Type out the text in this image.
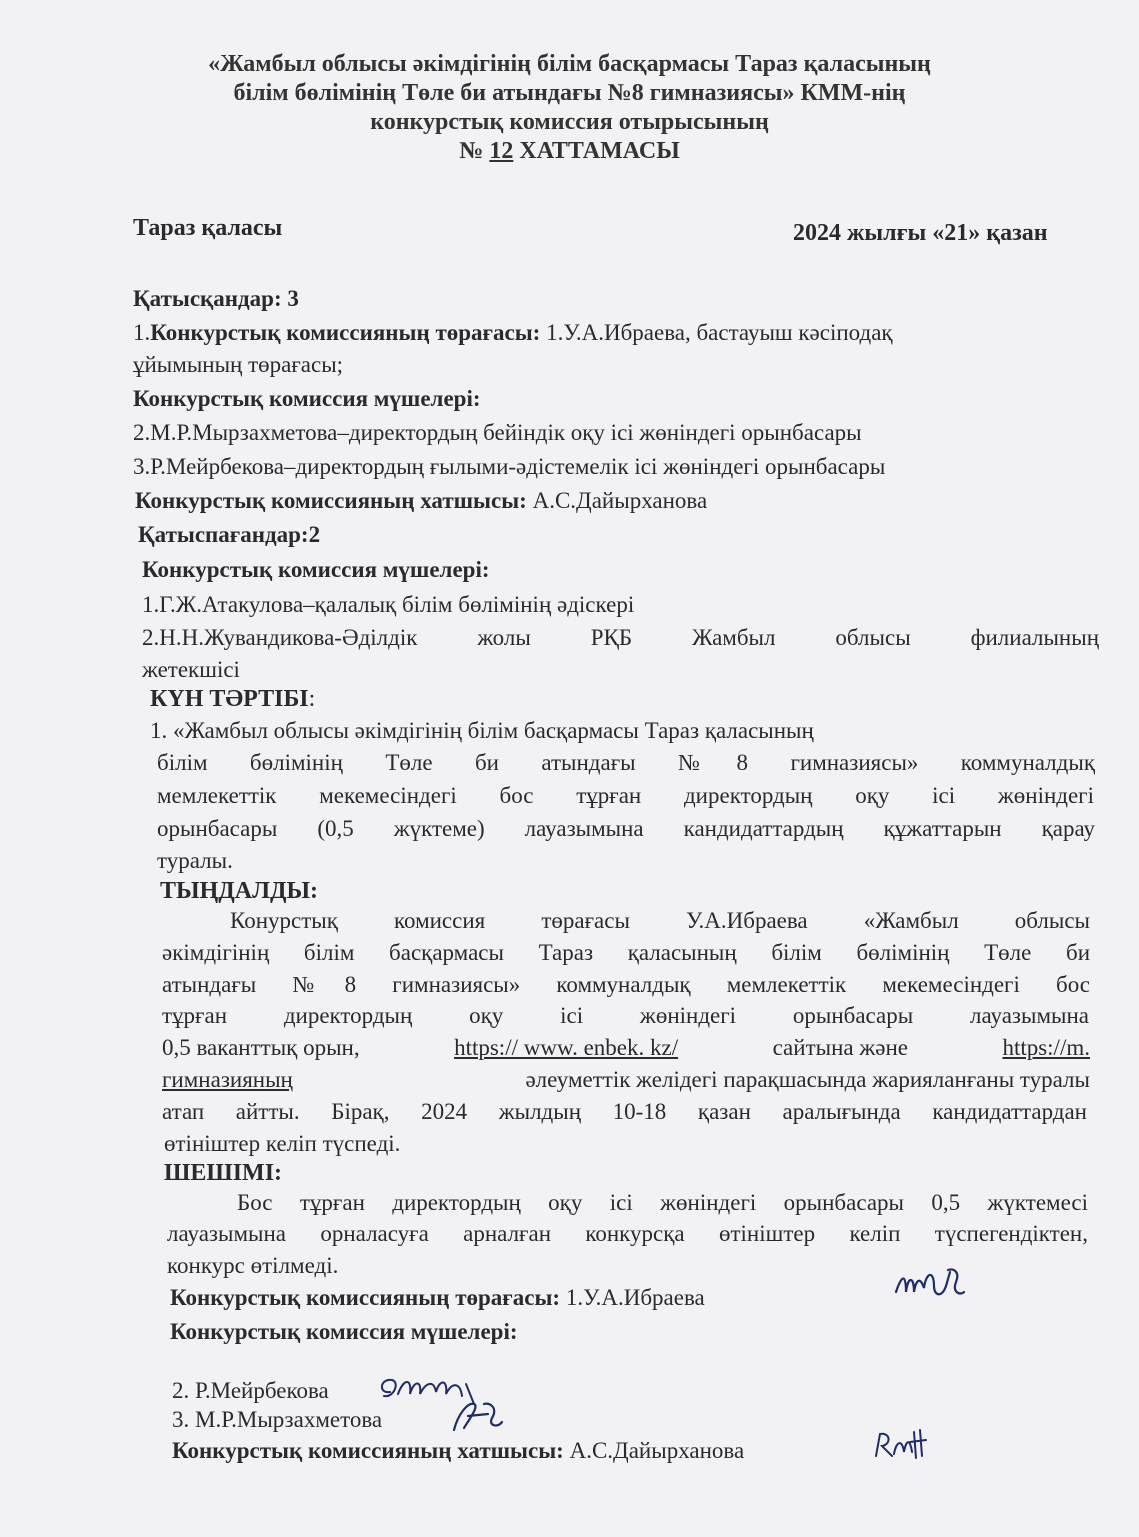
«Жамбыл облысы әкімдігінің білім басқармасы Тараз қаласының
білім бөлімінің Төле би атындағы №8 гимназиясы» КММ-нің
конкурстық комиссия отырысының
№ 12 ХАТТАМАСЫ
Тараз қаласы	2024 жылғы «21» қазан
Қатысқандар: 3
1.Конкурстық комиссияның төрағасы: 1.У.А.Ибраева, бастауыш кәсіподақ
ұйымының төрағасы;
Конкурстық комиссия мүшелері:
2.М.Р.Мырзахметова–директордың бейіндік оқу ісі жөніндегі орынбасары
3.Р.Мейрбекова–директордың ғылыми-әдістемелік ісі жөніндегі орынбасары
Конкурстық комиссияның хатшысы: А.С.Дайырханова
Қатыспағандар:2
Конкурстық комиссия мүшелері:
1.Г.Ж.Атакулова–қалалық білім бөлімінің әдіскері
2.Н.Н.Жувандикова-Әділдік жолы РҚБ Жамбыл облысы филиалының
жетекшісі
КҮН ТӘРТІБІ:
1. «Жамбыл облысы әкімдігінің білім басқармасы Тараз қаласының
білім бөлімінің Төле би атындағы №8 гимназиясы» коммуналдық
мемлекеттік мекемесіндегі бос тұрған директордың оқу ісі жөніндегі
орынбасары (0,5 жүктеме) лауазымына кандидаттардың құжаттарын қарау
туралы.
ТЫҢДАЛДЫ:
Конурстық комиссия төрағасы У.А.Ибраева «Жамбыл облысы
әкімдігінің білім басқармасы Тараз қаласының білім бөлімінің Төле би
атындағы №8 гимназиясы» коммуналдық мемлекеттік мекемесіндегі бос
тұрған директордың оқу ісі жөніндегі орынбасары лауазымына
0,5 ваканттық орын,	https:// www. enbek. kz/	сайтына және	https://m.
гимназияның	әлеуметтік желідегі парақшасында жарияланғаны туралы
атап айтты. Бірақ, 2024 жылдың 10-18 қазан аралығында кандидаттардан
өтініштер келіп түспеді.
ШЕШІМІ:
Бос тұрған директордың оқу ісі жөніндегі орынбасары 0,5 жүктемесі
лауазымына орналасуға арналған конкурсқа өтініштер келіп түспегендіктен,
конкурс өтілмеді.
Конкурстық комиссияның төрағасы: 1.У.А.Ибраева
Конкурстық комиссия мүшелері:
2. Р.Мейрбекова
3. М.Р.Мырзахметова
Конкурстық комиссияның хатшысы: А.С.Дайырханова
